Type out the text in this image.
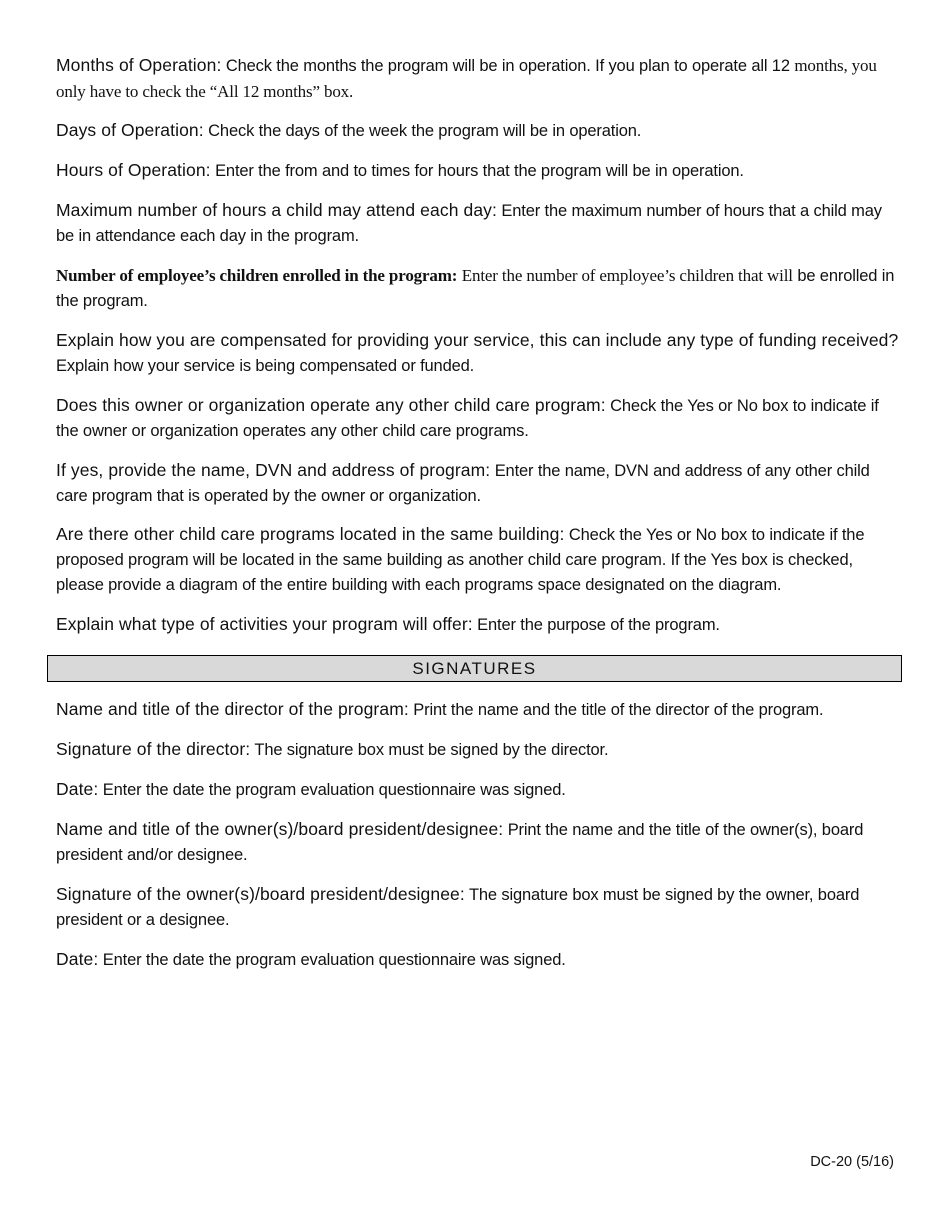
Months of Operation: Check the months the program will be in operation. If you plan to operate all 12 months, you only have to check the “All 12 months” box.

Days of Operation: Check the days of the week the program will be in operation.

Hours of Operation: Enter the from and to times for hours that the program will be in operation.

Maximum number of hours a child may attend each day: Enter the maximum number of hours that a child may be in attendance each day in the program.

Number of employee’s children enrolled in the program: Enter the number of employee’s children that will be enrolled in the program.

Explain how you are compensated for providing your service, this can include any type of funding received? Explain how your service is being compensated or funded.

Does this owner or organization operate any other child care program: Check the Yes or No box to indicate if the owner or organization operates any other child care programs.

If yes, provide the name, DVN and address of program: Enter the name, DVN and address of any other child care program that is operated by the owner or organization.

Are there other child care programs located in the same building: Check the Yes or No box to indicate if the proposed program will be located in the same building as another child care program. If the Yes box is checked, please provide a diagram of the entire building with each programs space designated on the diagram.

Explain what type of activities your program will offer: Enter the purpose of the program.

SIGNATURES

Name and title of the director of the program: Print the name and the title of the director of the program.

Signature of the director: The signature box must be signed by the director.

Date: Enter the date the program evaluation questionnaire was signed.

Name and title of the owner(s)/board president/designee: Print the name and the title of the owner(s), board president and/or designee.

Signature of the owner(s)/board president/designee: The signature box must be signed by the owner, board president or a designee.

Date: Enter the date the program evaluation questionnaire was signed.

DC-20 (5/16)
